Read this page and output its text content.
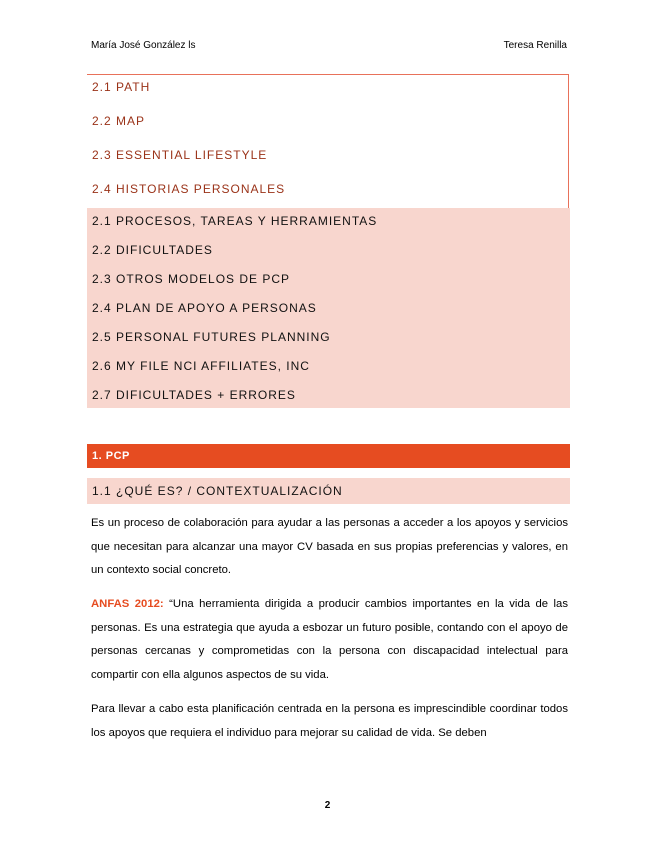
María José González ls	Teresa Renilla
2.1 PATH
2.2 MAP
2.3 ESSENTIAL LIFESTYLE
2.4 HISTORIAS PERSONALES
2.1 PROCESOS, TAREAS Y HERRAMIENTAS
2.2 DIFICULTADES
2.3 OTROS MODELOS DE PCP
2.4 PLAN DE APOYO A PERSONAS
2.5 PERSONAL FUTURES PLANNING
2.6 MY FILE NCI AFFILIATES, INC
2.7 DIFICULTADES + ERRORES
1. PCP
1.1 ¿QUÉ ES? / CONTEXTUALIZACIÓN

Es un proceso de colaboración para ayudar a las personas a acceder a los apoyos y servicios que necesitan para alcanzar una mayor CV basada en sus propias preferencias y valores, en un contexto social concreto.

ANFAS 2012: “Una herramienta dirigida a producir cambios importantes en la vida de las personas. Es una estrategia que ayuda a esbozar un futuro posible, contando con el apoyo de personas cercanas y comprometidas con la persona con discapacidad intelectual para compartir con ella algunos aspectos de su vida.

Para llevar a cabo esta planificación centrada en la persona es imprescindible coordinar todos los apoyos que requiera el individuo para mejorar su calidad de vida. Se deben

2
